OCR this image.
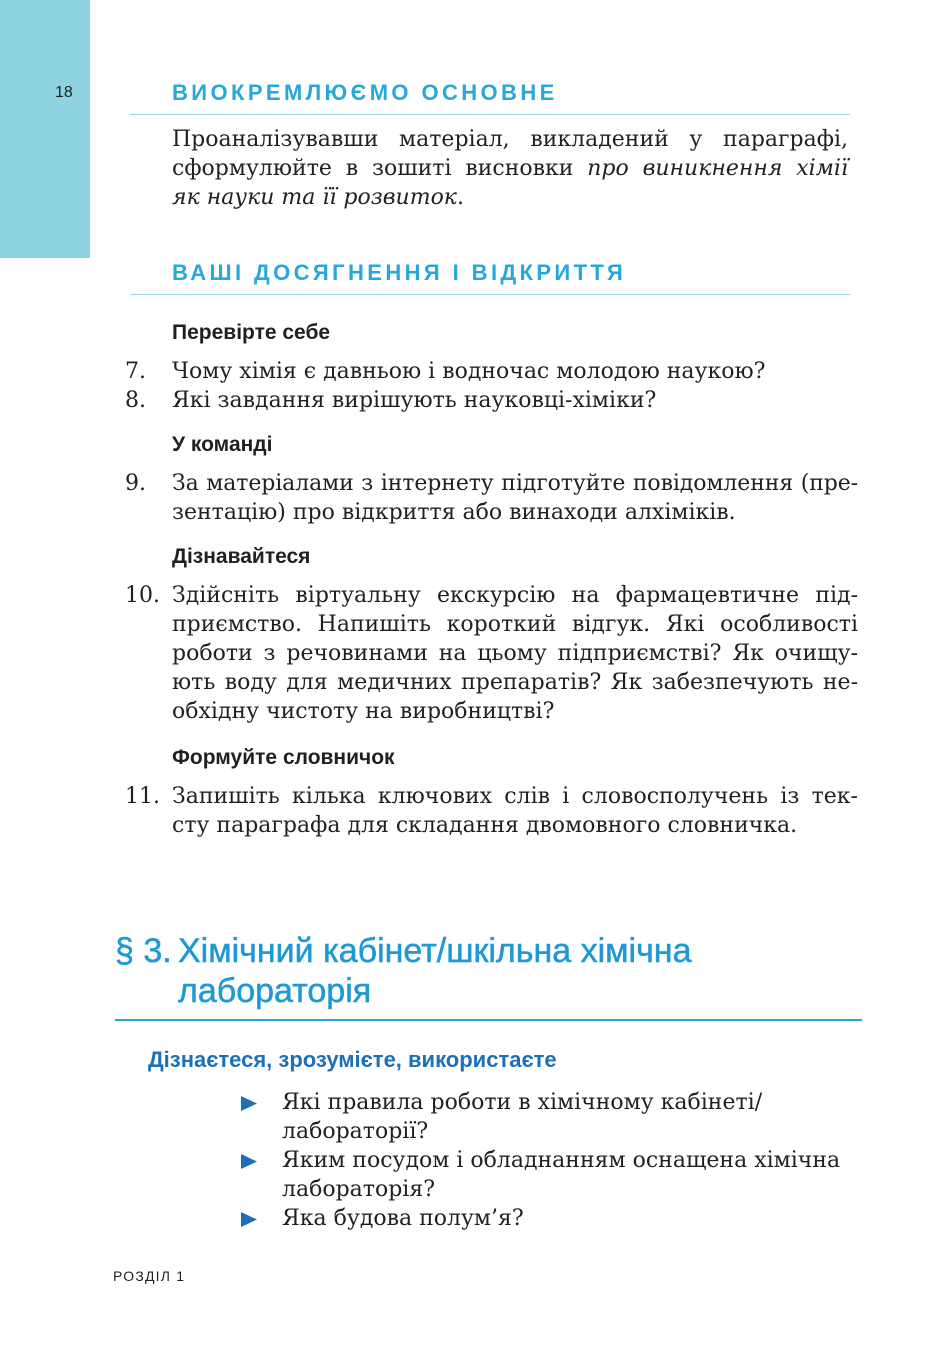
18	ВИОКРЕМЛЮЄМО ОСНОВНЕ
Проаналізувавши матеріал, викладений у параграфі,
сформулюйте в зошиті висновки про виникнення хімії
як науки та її розвиток.
ВАШІ ДОСЯГНЕННЯ І ВІДКРИТТЯ
Перевірте себе
7. Чому хімія є давньою і водночас молодою наукою?
8. Які завдання вирішують науковці-хіміки?
У команді
9. За матеріалами з інтернету підготуйте повідомлення (пре-
зентацію) про відкриття або винаходи алхіміків.
Дізнавайтеся
10. Здійсніть віртуальну екскурсію на фармацевтичне під-
приємство. Напишіть короткий відгук. Які особливості
роботи з речовинами на цьому підприємстві? Як очищу-
ють воду для медичних препаратів? Як забезпечують не-
обхідну чистоту на виробництві?
Формуйте словничок
11. Запишіть кілька ключових слів і словосполучень із тек-
сту параграфа для складання двомовного словничка.
§ 3. Хімічний кабінет/шкільна хімічна
лабораторія
Дізнаєтеся, зрозумієте, використаєте
Які правила роботи в хімічному кабінеті/
лабораторії?
Яким посудом і обладнанням оснащена хімічна
лабораторія?
Яка будова полум’я?
РОЗДІЛ 1
